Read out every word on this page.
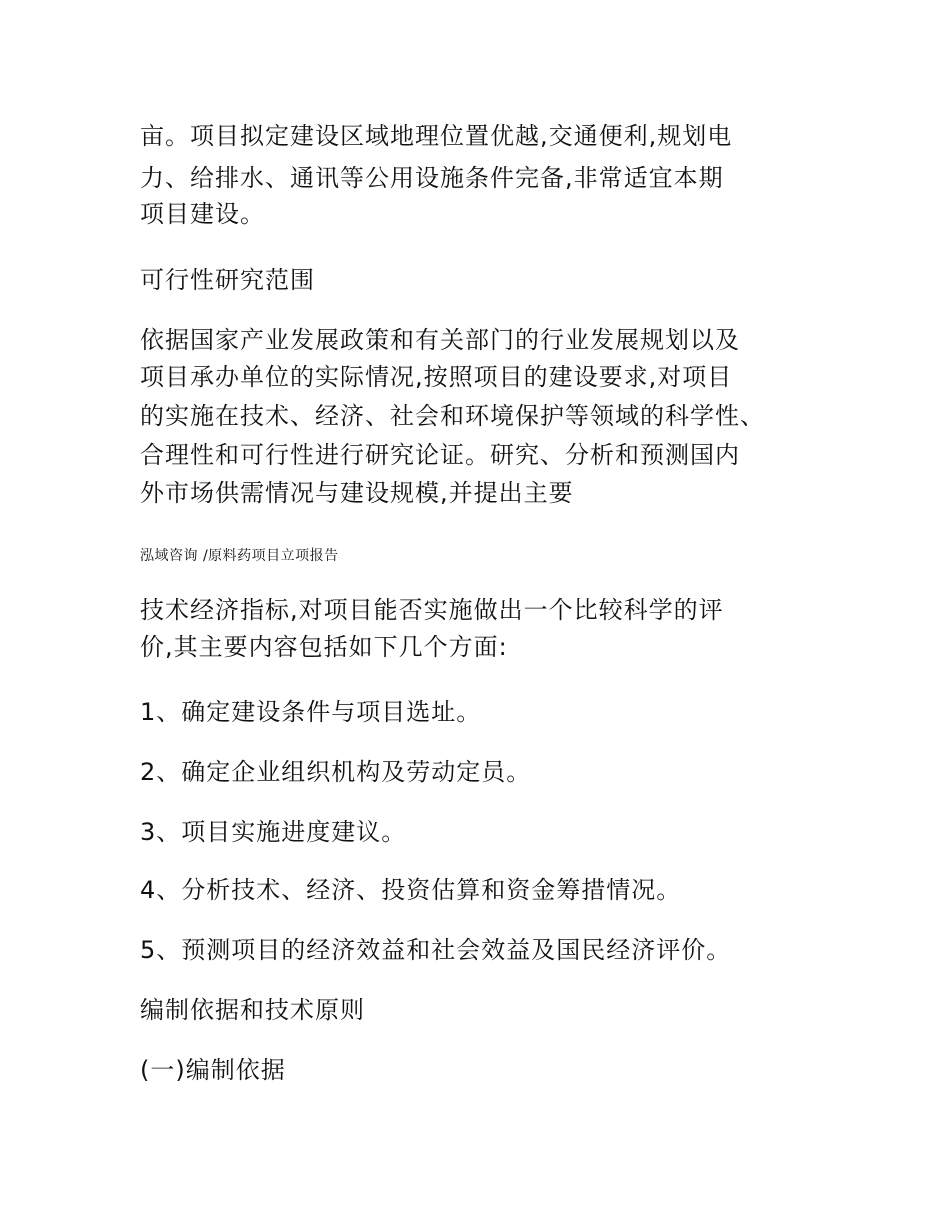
亩。项目拟定建设区域地理位置优越,交通便利,规划电
力、给排水、通讯等公用设施条件完备,非常适宜本期
项目建设。
可行性研究范围
依据国家产业发展政策和有关部门的行业发展规划以及
项目承办单位的实际情况,按照项目的建设要求,对项目
的实施在技术、经济、社会和环境保护等领域的科学性、
合理性和可行性进行研究论证。研究、分析和预测国内
外市场供需情况与建设规模,并提出主要
泓域咨询 /原料药项目立项报告
技术经济指标,对项目能否实施做出一个比较科学的评
价,其主要内容包括如下几个方面:
1、确定建设条件与项目选址。
2、确定企业组织机构及劳动定员。
3、项目实施进度建议。
4、分析技术、经济、投资估算和资金筹措情况。
5、预测项目的经济效益和社会效益及国民经济评价。
编制依据和技术原则
(一)编制依据
